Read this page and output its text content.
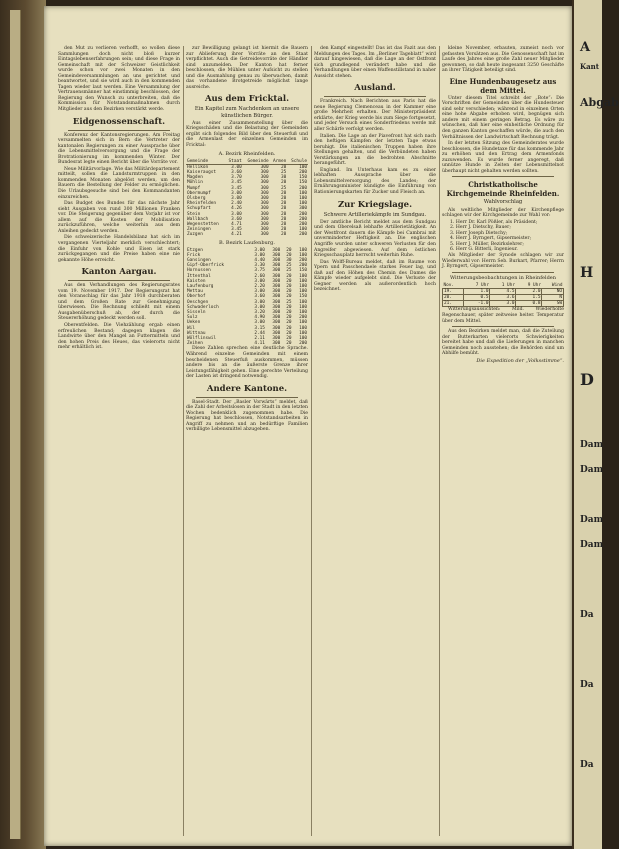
den Mut zu verlieren verhofft, so wollen diese Sammlungen doch nicht bloß kurzer Eintagslebenserfahrungen sein; und diese Frage in Gemeinschaft mit der Schweizer Geistlichkeit wurde schon vor zwei Monaten in den Gemeindeversammlungen an uns gerichtet und beantwortet, und sie wird auch in den kommenden Tagen wieder laut werden. Eine Versammlung der Vertrauensmänner hat einstimmig beschlossen, der Regierung den Wunsch zu unterbreiten, daß die Kommission für Notstandsmaßnahmen durch Mitglieder aus den Bezirken verstärkt werde.

Eidgenossenschaft.

Konferenz der Kantonsregierungen. Am Freitag versammelten sich in Bern die Vertreter der kantonalen Regierungen zu einer Aussprache über die Lebensmittelversorgung und die Frage der Brotrationierung im kommenden Winter. Der Bundesrat legte einen Bericht über die Vorräte vor.

Neue Militärvorlage. Wie das Militärdepartement mitteilt, sollen die Landsturmtruppen in den kommenden Monaten abgelöst werden, um den Bauern die Bestellung der Felder zu ermöglichen. Die Urlaubsgesuche sind bei den Kommandanten einzureichen.

Das Budget des Bundes für das nächste Jahr sieht Ausgaben von rund 300 Millionen Franken vor. Die Steigerung gegenüber dem Vorjahr ist vor allem auf die Kosten der Mobilisation zurückzuführen, welche weiterhin aus dem Anleihen gedeckt werden.

Die schweizerische Handelsbilanz hat sich im vergangenen Vierteljahr merklich verschlechtert; die Einfuhr von Kohle und Eisen ist stark zurückgegangen und die Preise haben eine nie gekannte Höhe erreicht.

Kanton Aargau.

Aus den Verhandlungen des Regierungsrates vom 19. November 1917. Der Regierungsrat hat den Voranschlag für das Jahr 1918 durchberaten und dem Großen Rate zur Genehmigung überwiesen. Die Rechnung schließt mit einem Ausgabenüberschuß ab, der durch die Steuererhöhung gedeckt werden soll.

Oberentfelden. Die Viehzählung ergab einen erfreulichen Bestand; dagegen klagen die Landwirte über den Mangel an Futtermitteln und den hohen Preis des Heues, das vielerorts nicht mehr erhältlich ist.

zur Bewilligung gelangt ist hiermit die Bauern zur Ablieferung ihrer Vorräte an den Staat verpflichtet. Auch die Getreidevorräte der Händler sind anzumelden. Der Kanton hat ferner beschlossen, die Mühlen unter Aufsicht zu stellen und die Ausmahlung genau zu überwachen, damit das vorhandene Brotgetreide möglichst lange ausreiche.

Aus dem Fricktal.
Ein Kapitel zum Nachdenken an unsere künstlichen Bürger.

Aus einer Zusammenstellung über die Kriegsschäden und die Belastung der Gemeinden ergibt sich folgendes Bild über den Steuerfuß und die Armenlast der einzelnen Gemeinden im Fricktal:

A. Bezirk Rheinfelden.
Gemeinde	Staat	Gemeinde	Armen	Schule
Hellikon	3.00	300	20	100
Kaiseraugst	3.60	300	25	200
Magden	3.70	300	30	150
Möhlin	3.45	300	20	150
Mumpf	3.45	300	25	200
Obermumpf	3.00	300	20	100
Olsberg	3.00	300	20	100
Rheinfelden	2.40	300	20	100
Schupfart	4.26	300	20	300
Stein	3.00	300	20	200
Wallbach	3.60	300	20	200
Wegenstetten	4.71	300	20	200
Zeiningen	3.45	300	20	100
Zuzgen	4.21	300	20	200
B. Bezirk Laufenburg.
Etzgen	3.00	300	20	100
Frick	3.00	300	20	100
Gansingen	4.40	300	30	200
Gipf-Oberfrick	3.30	300	25	200
Hornussen	3.75	300	25	150
Ittenthal	2.60	300	20	100
Kaisten	3.00	300	20	100
Laufenburg	2.20	300	20	100
Mettau	3.00	300	20	100
Oberhof	3.60	300	20	150
Oeschgen	3.00	300	25	100
Schwaderloch	3.00	300	20	100
Sisseln	3.20	300	20	100
Sulz	4.90	300	20	200
Ueken	3.00	300	20	100
Wil	3.15	300	20	100
Wittnau	2.44	300	20	100
Wölflinswil	2.11	300	20	100
Zeihen	4.11	300	20	200

Diese Zahlen sprechen eine deutliche Sprache. Während einzelne Gemeinden mit einem bescheidenen Steuerfuß auskommen, müssen andere bis an die äußerste Grenze ihrer Leistungsfähigkeit gehen. Eine gerechte Verteilung der Lasten ist dringend notwendig.

Andere Kantone.

Basel-Stadt. Der „Basler Vorwärts“ meldet, daß die Zahl der Arbeitslosen in der Stadt in den letzten Wochen bedenklich zugenommen habe. Die Regierung hat beschlossen, Notstandsarbeiten in Angriff zu nehmen und an bedürftige Familien verbilligte Lebensmittel abzugeben.

den Kampf eingestellt! Das ist das Fazit aus den Meldungen des Tages. Im „Berliner Tageblatt“ wird darauf hingewiesen, daß die Lage an der Ostfront sich grundlegend verändert habe und die Verhandlungen über einen Waffenstillstand in naher Aussicht stehen.

Ausland.

Frankreich. Nach Berichten aus Paris hat die neue Regierung Clemenceau in der Kammer eine große Mehrheit erhalten. Der Ministerpräsident erklärte, der Krieg werde bis zum Siege fortgesetzt, und jeder Versuch eines Sonderfriedens werde mit aller Schärfe verfolgt werden.

Italien. Die Lage an der Piavefront hat sich nach den heftigen Kämpfen der letzten Tage etwas beruhigt. Die italienischen Truppen haben ihre Stellungen gehalten, und die Verbündeten haben Verstärkungen an die bedrohten Abschnitte herangeführt.

England. Im Unterhaus kam es zu einer lebhaften Aussprache über die Lebensmittelversorgung des Landes; der Ernährungsminister kündigte die Einführung von Rationierungskarten für Zucker und Fleisch an.

Zur Kriegslage.
Schwere Artilleriekämpfe im Sundgau.

Der amtliche Bericht meldet aus dem Sundgau und dem Oberelsaß lebhafte Artillerietätigkeit. An der Westfront dauern die Kämpfe bei Cambrai mit unverminderter Heftigkeit an. Die englischen Angriffe wurden unter schweren Verlusten für den Angreifer abgewiesen. Auf dem östlichen Kriegsschauplatz herrscht weiterhin Ruhe.

Das Wolff-Bureau meldet, daß im Raume von Ypern und Passchendaele starkes Feuer lag, und daß auf den Höhen des Chemin des Dames die Kämpfe wieder aufgelebt sind. Die Verluste der Gegner werden als außerordentlich hoch bezeichnet.

kleine November, erbauten, zumeist noch vor gefassten Vorsätzen aus. Die Genossenschaft hat im Laufe des Jahres eine große Zahl neuer Mitglieder gewonnen, so daß heute insgesamt 3250 Geschäfte an ihrer Tätigkeit beteiligt sind.

Eine Hundenbaugesetz aus dem Mittel.

Unter diesem Titel schreibt der „Bote“: Die Vorschriften der Gemeinden über die Hundesteuer sind sehr verschieden; während in einzelnen Orten eine hohe Abgabe erhoben wird, begnügen sich andere mit einem geringen Betrag. Es wäre zu wünschen, daß hier eine einheitliche Ordnung für den ganzen Kanton geschaffen würde, die auch den Verhältnissen der Landwirtschaft Rechnung trägt.

In der letzten Sitzung des Gemeinderates wurde beschlossen, die Hundetaxe für das kommende Jahr zu erhöhen und den Ertrag dem Armenfonds zuzuwenden. Es wurde ferner angeregt, daß unnütze Hunde in Zeiten der Lebensmittelnot überhaupt nicht gehalten werden sollten.

Christkatholische Kirchgemeinde Rheinfelden.
Wahlvorschlag

Als weltliche Mitglieder der Kirchenpflege schlagen wir der Kirchgemeinde zur Wahl vor:

1. Herr Dr. Karl Pößler, als Präsident;
2. Herr J. Dietschy, Bauer;
3. Herr Joseph Dietschy;
4. Herr J. Byrngert, Gipsermeister;
5. Herr J. Müller, Bezirkslehrer;
6. Herr G. Bitterli, Ingenieur.

Als Mitglieder der Synode schlagen wir zur Wiederwahl vor: Herrn Seb. Burkart, Pfarrer; Herrn J. Byrngert, Gipsermeister.

Witterungsbeobachtungen in Rheinfelden
Nov.	7 Uhr	1 Uhr	9 Uhr	Wind
19.	1.0	4.5	2.0	NO
20.	0.5	3.6	1.5	N
21.	-1.0	3.0	0.8	SW

Witterungsaussichten: Mild. Wiederholte Regenschauer, später zeitweise heiter. Temperatur über dem Mittel.

Aus den Bezirken meldet man, daß die Zuteilung der Butterkarten vielerorts Schwierigkeiten bereitet habe und daß die Lieferungen in manchen Gemeinden noch ausstehen; die Behörden sind um Abhilfe bemüht.

Die Expedition der „Volksstimme“.
A
Kant
Abgab
H
D
Dam
Dam
Dam
Dam
Da
Da
Da
